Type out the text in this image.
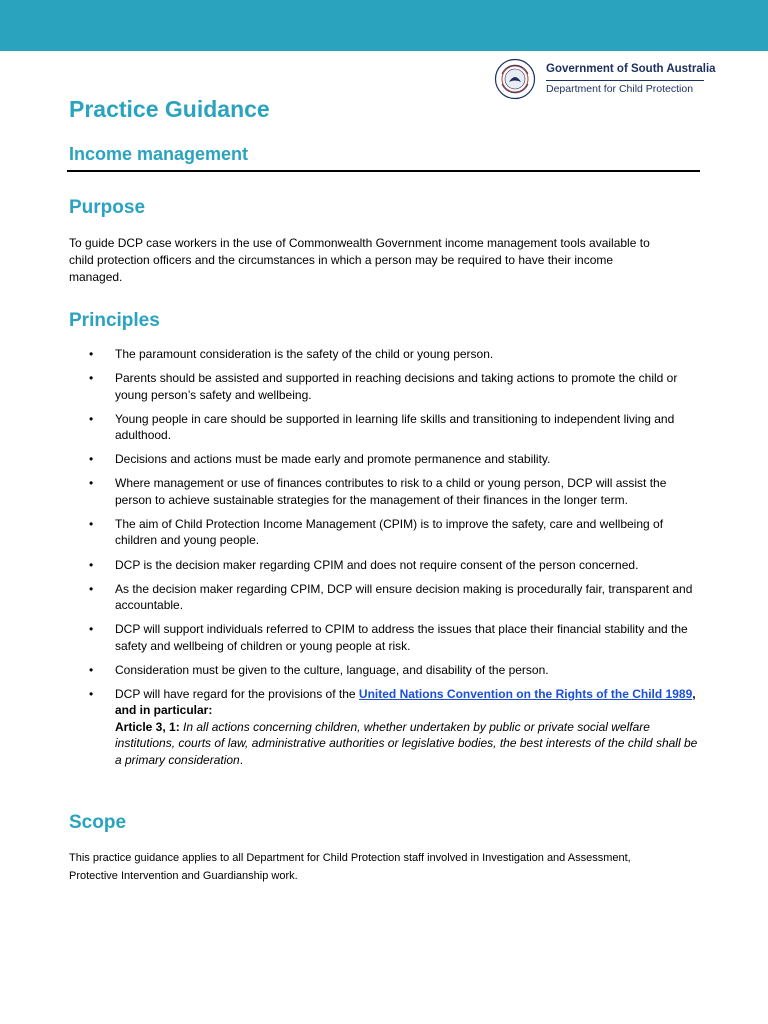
Government of South Australia
Department for Child Protection
Practice Guidance
Income management
Purpose

To guide DCP case workers in the use of Commonwealth Government income management tools available to child protection officers and the circumstances in which a person may be required to have their income managed.

Principles
• The paramount consideration is the safety of the child or young person.
• Parents should be assisted and supported in reaching decisions and taking actions to promote the child or young person’s safety and wellbeing.
• Young people in care should be supported in learning life skills and transitioning to independent living and adulthood.
• Decisions and actions must be made early and promote permanence and stability.
• Where management or use of finances contributes to risk to a child or young person, DCP will assist the person to achieve sustainable strategies for the management of their finances in the longer term.
• The aim of Child Protection Income Management (CPIM) is to improve the safety, care and wellbeing of children and young people.
• DCP is the decision maker regarding CPIM and does not require consent of the person concerned.
• As the decision maker regarding CPIM, DCP will ensure decision making is procedurally fair, transparent and accountable.
• DCP will support individuals referred to CPIM to address the issues that place their financial stability and the safety and wellbeing of children or young people at risk.
• Consideration must be given to the culture, language, and disability of the person.
• DCP will have regard for the provisions of the United Nations Convention on the Rights of the Child 1989, and in particular:
Article 3, 1: In all actions concerning children, whether undertaken by public or private social welfare institutions, courts of law, administrative authorities or legislative bodies, the best interests of the child shall be a primary consideration.
Scope

This practice guidance applies to all Department for Child Protection staff involved in Investigation and Assessment, Protective Intervention and Guardianship work.
